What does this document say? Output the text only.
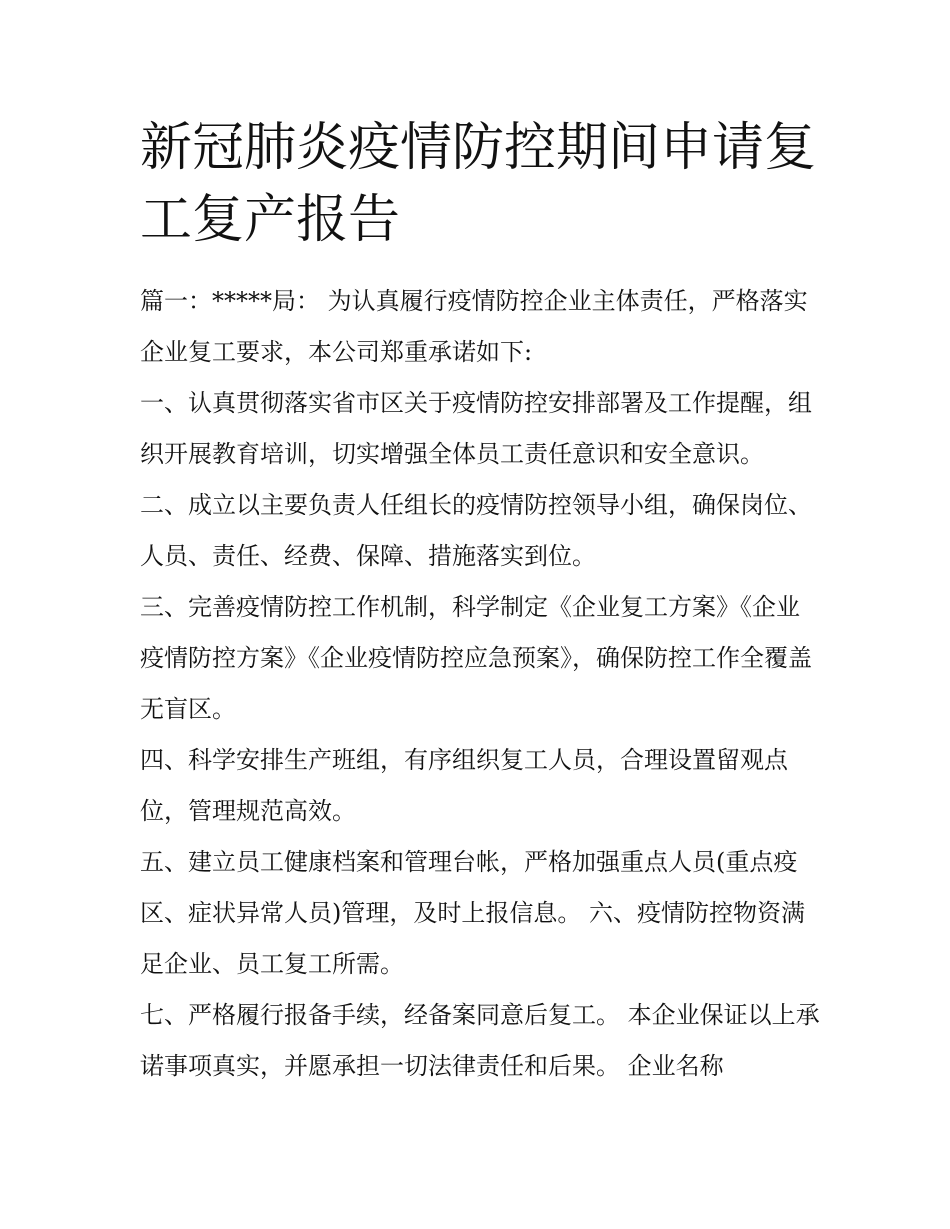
新冠肺炎疫情防控期间申请复工复产报告

篇一：*****局： 为认真履行疫情防控企业主体责任，严格落实企业复工要求，本公司郑重承诺如下:

一、认真贯彻落实省市区关于疫情防控安排部署及工作提醒，组织开展教育培训，切实增强全体员工责任意识和安全意识。

二、成立以主要负责人任组长的疫情防控领导小组，确保岗位、人员、责任、经费、保障、措施落实到位。

三、完善疫情防控工作机制，科学制定《企业复工方案》《企业疫情防控方案》《企业疫情防控应急预案》，确保防控工作全覆盖无盲区。

四、科学安排生产班组，有序组织复工人员，合理设置留观点位，管理规范高效。

五、建立员工健康档案和管理台帐，严格加强重点人员(重点疫区、症状异常人员)管理，及时上报信息。 六、疫情防控物资满足企业、员工复工所需。

七、严格履行报备手续，经备案同意后复工。 本企业保证以上承诺事项真实，并愿承担一切法律责任和后果。 企业名称
